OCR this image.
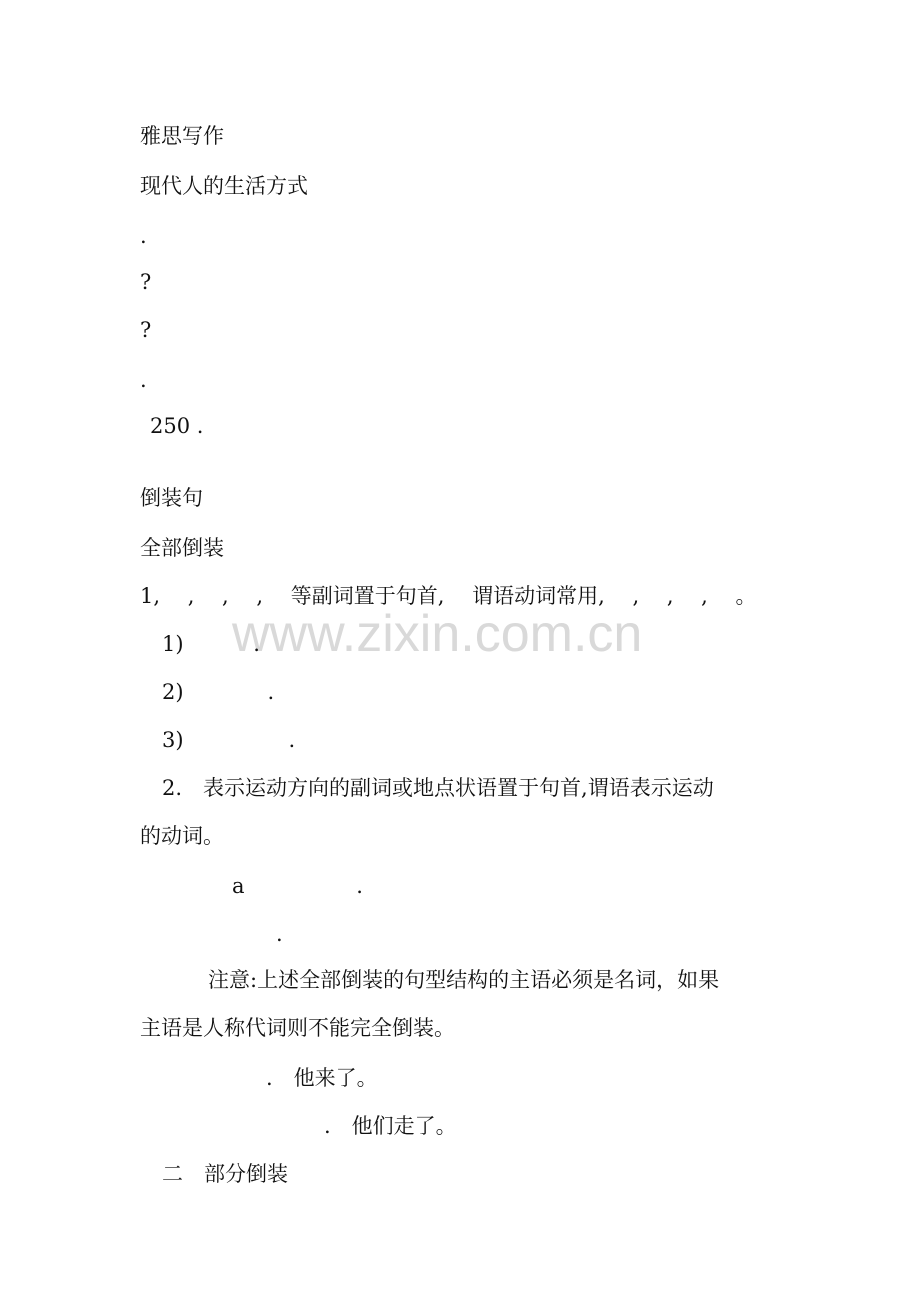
www.zixin.com.cn
雅思写作
现代人的生活方式
.
?
?
.
250 .
倒装句
全部倒装
1,　 ,　 ,　 ,　 等副词置于句首,　 谓语动词常用,　 ,　 ,　 ,　 。
1)　　　 .
2)　　　　.
3)　　　　　.
2.　表示运动方向的副词或地点状语置于句首,谓语表示运动
的动词。
a　　　　　 .
.
注意:上述全部倒装的句型结构的主语必须是名词，如果
主语是人称代词则不能完全倒装。
.　他来了。
.　他们走了。
二　部分倒装
